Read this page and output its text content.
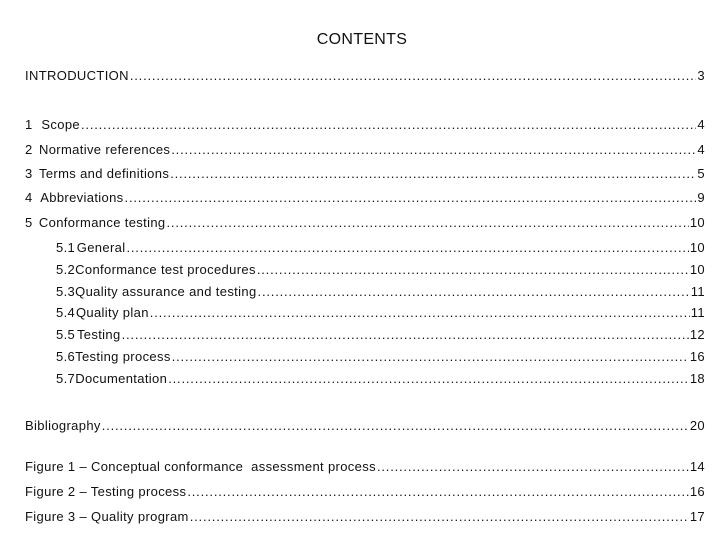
CONTENTS
INTRODUCTION .....	3
1 Scope .....	4
2 Normative references .....	4
3 Terms and definitions .....	5
4 Abbreviations .....	9
5 Conformance testing .....	10
5.1 General .....	10
5.2 Conformance test procedures .....	10
5.3 Quality assurance and testing .....	11
5.4 Quality plan .....	11
5.5 Testing .....	12
5.6 Testing process .....	16
5.7 Documentation .....	18
Bibliography .....	20
Figure 1 – Conceptual conformance  assessment process .....	14
Figure 2 – Testing process .....	16
Figure 3 – Quality program .....	17
